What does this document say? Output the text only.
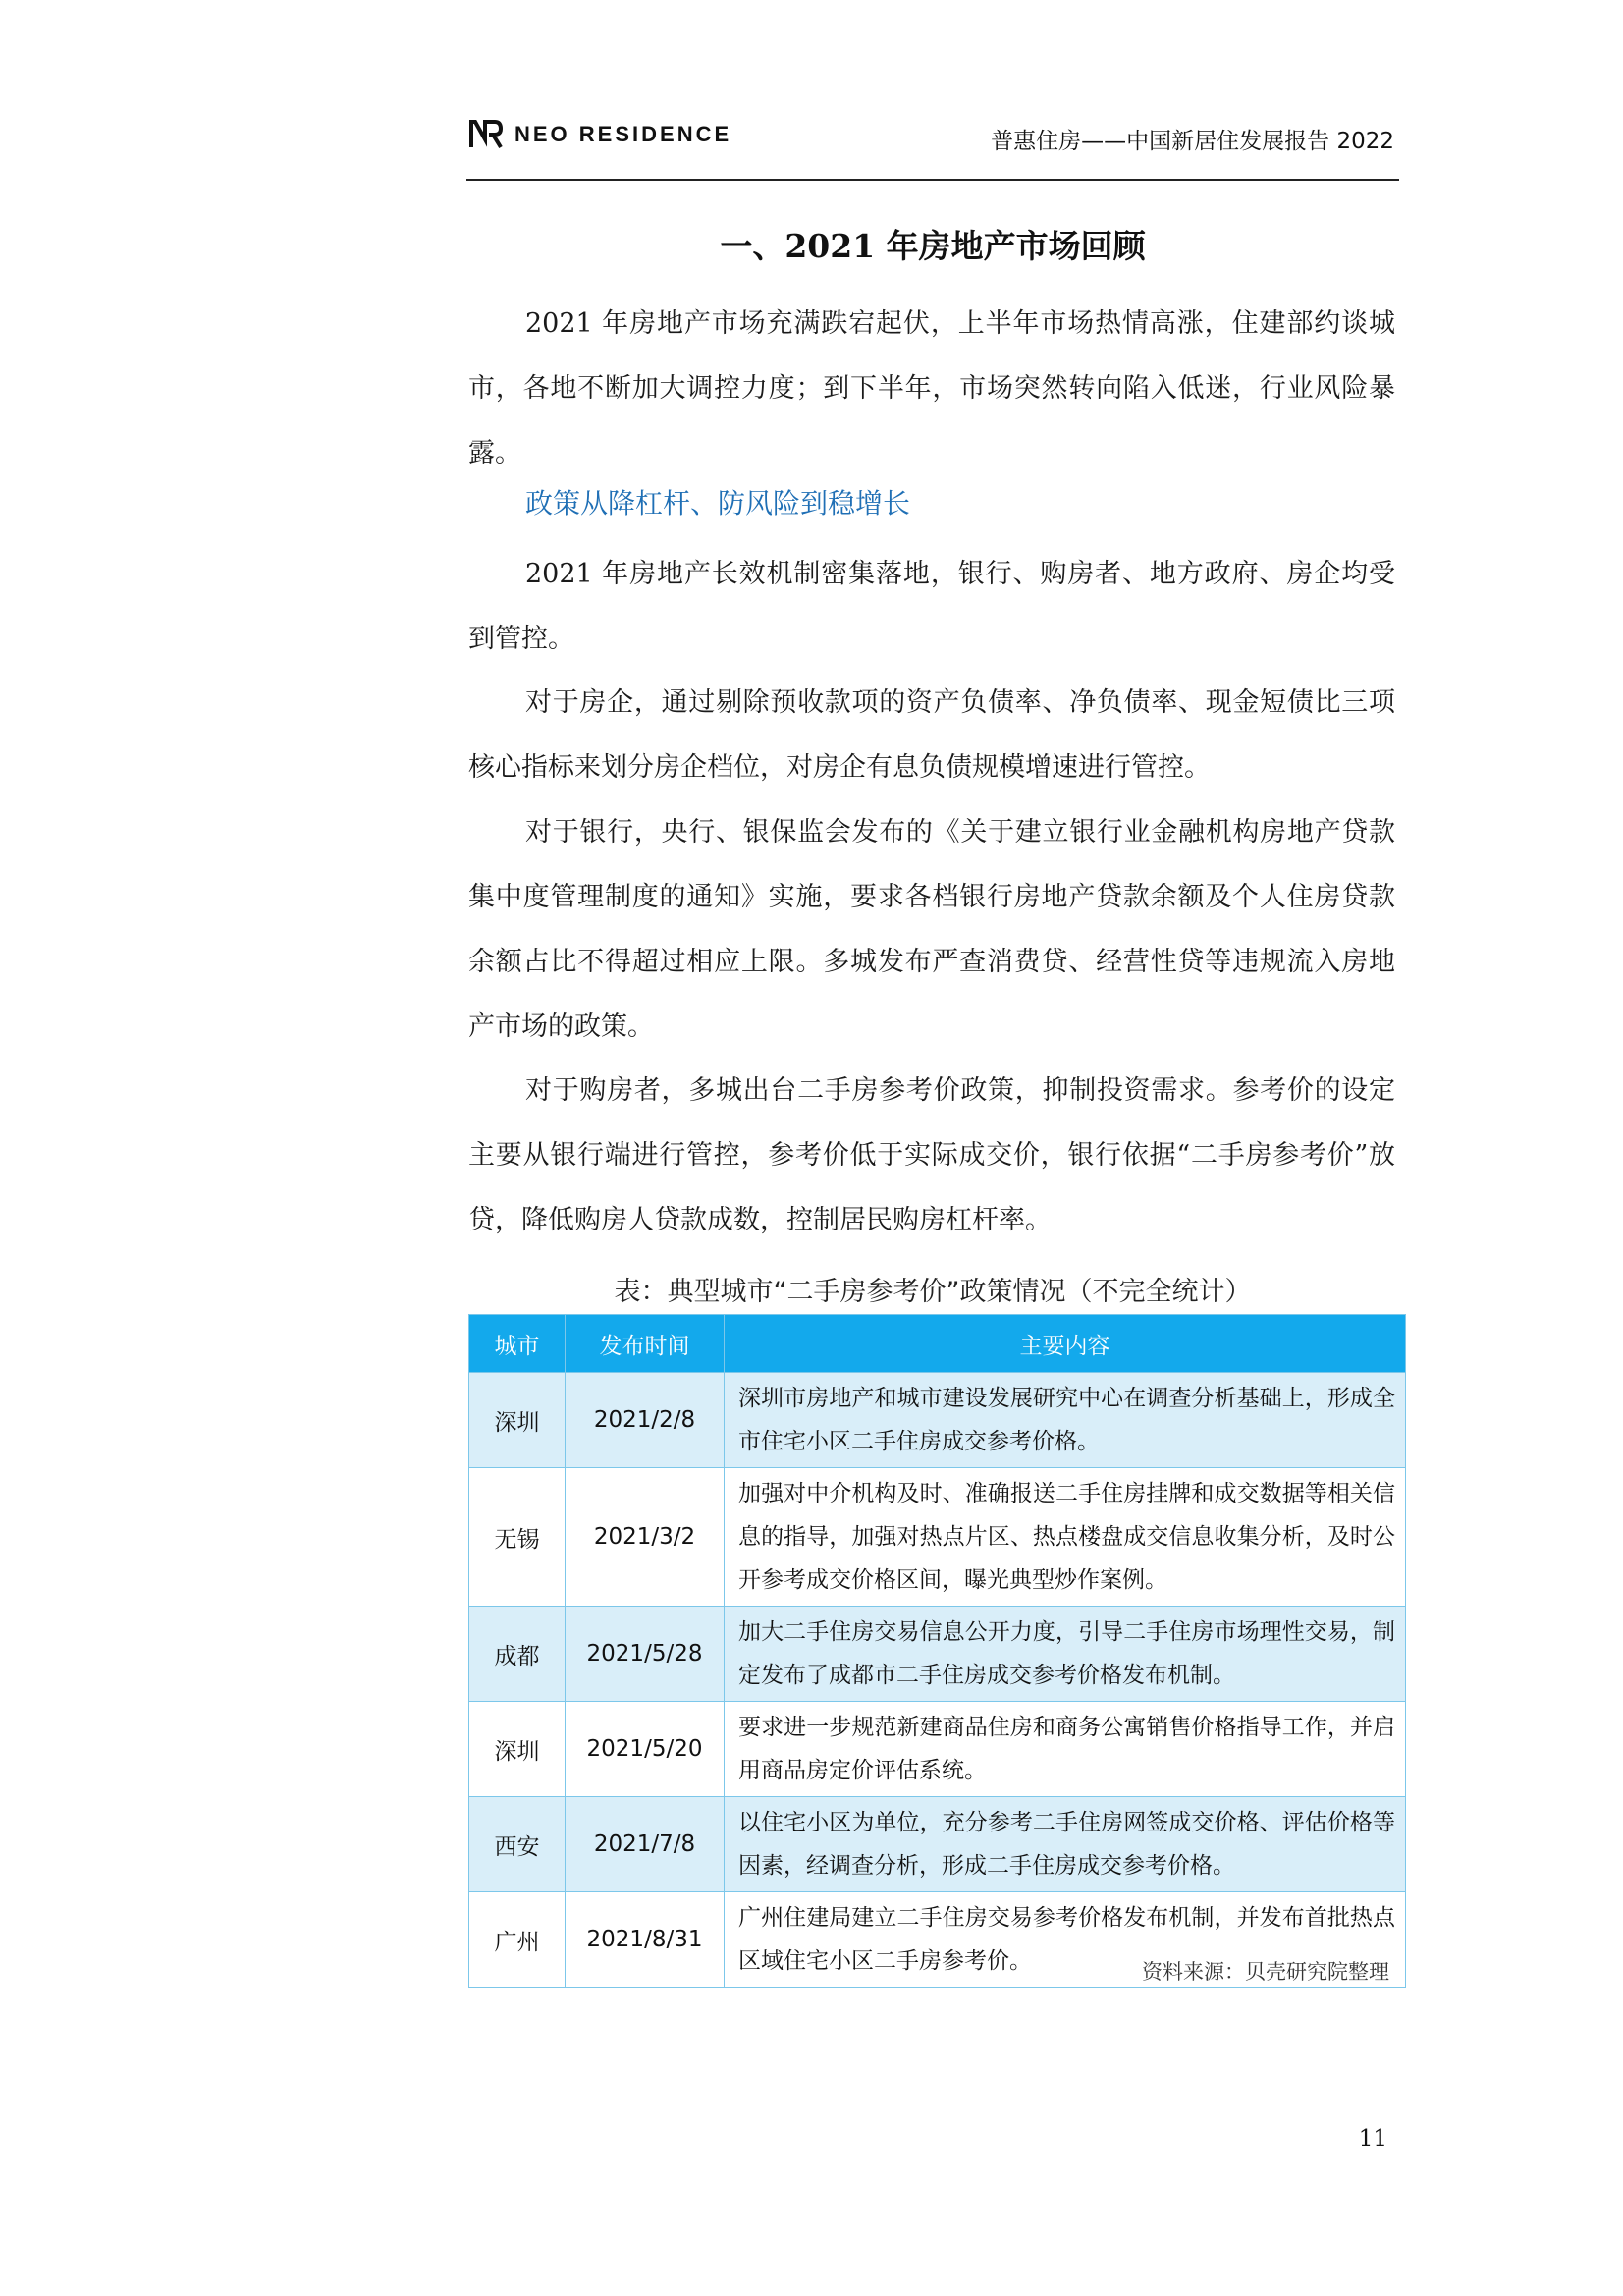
NEO RESIDENCE	普惠住房——中国新居住发展报告 2022
一、2021 年房地产市场回顾

2021 年房地产市场充满跌宕起伏，上半年市场热情高涨，住建部约谈城市，各地不断加大调控力度；到下半年，市场突然转向陷入低迷，行业风险暴露。

政策从降杠杆、防风险到稳增长

2021 年房地产长效机制密集落地，银行、购房者、地方政府、房企均受到管控。

对于房企，通过剔除预收款项的资产负债率、净负债率、现金短债比三项核心指标来划分房企档位，对房企有息负债规模增速进行管控。

对于银行，央行、银保监会发布的《关于建立银行业金融机构房地产贷款集中度管理制度的通知》实施，要求各档银行房地产贷款余额及个人住房贷款余额占比不得超过相应上限。多城发布严查消费贷、经营性贷等违规流入房地产市场的政策。

对于购房者，多城出台二手房参考价政策，抑制投资需求。参考价的设定主要从银行端进行管控，参考价低于实际成交价，银行依据“二手房参考价”放贷，降低购房人贷款成数，控制居民购房杠杆率。

表：典型城市“二手房参考价”政策情况（不完全统计）
城市	发布时间	主要内容
深圳	2021/2/8	深圳市房地产和城市建设发展研究中心在调查分析基础上，形成全市住宅小区二手住房成交参考价格。
无锡	2021/3/2	加强对中介机构及时、准确报送二手住房挂牌和成交数据等相关信息的指导，加强对热点片区、热点楼盘成交信息收集分析，及时公开参考成交价格区间，曝光典型炒作案例。
成都	2021/5/28	加大二手住房交易信息公开力度，引导二手住房市场理性交易，制定发布了成都市二手住房成交参考价格发布机制。
深圳	2021/5/20	要求进一步规范新建商品住房和商务公寓销售价格指导工作，并启用商品房定价评估系统。
西安	2021/7/8	以住宅小区为单位，充分参考二手住房网签成交价格、评估价格等因素，经调查分析，形成二手住房成交参考价格。
广州	2021/8/31	广州住建局建立二手住房交易参考价格发布机制，并发布首批热点区域住宅小区二手房参考价。	资料来源：贝壳研究院整理
11
